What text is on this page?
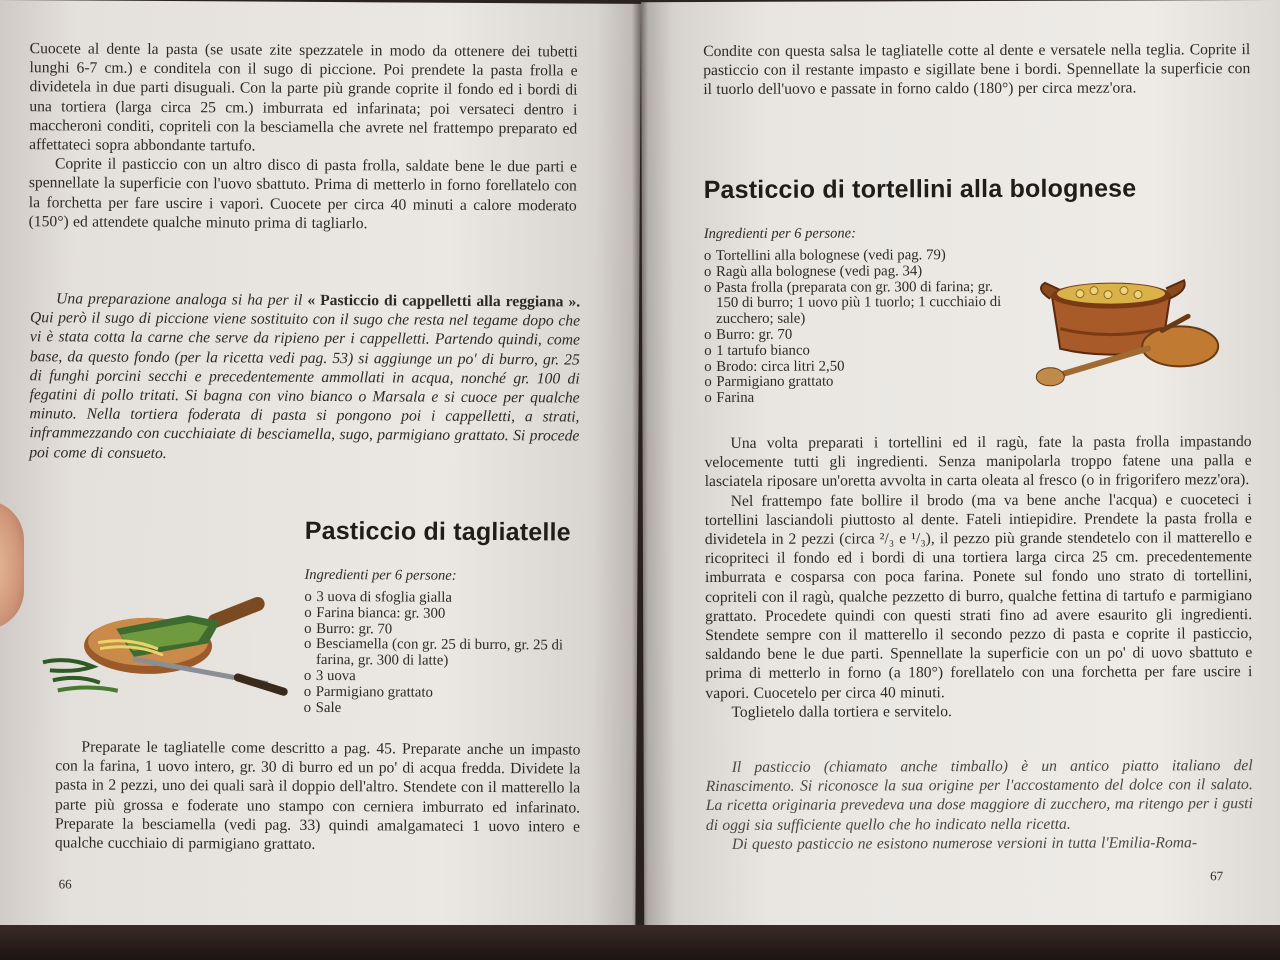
Cuocete al dente la pasta (se usate zite spezzatele in modo da ottenere dei tubetti lunghi 6-7 cm.) e conditela con il sugo di piccione. Poi prendete la pasta frolla e dividetela in due parti disuguali. Con la parte più grande coprite il fondo ed i bordi di una tortiera (larga circa 25 cm.) imburrata ed infarinata; poi versateci dentro i maccheroni conditi, copriteli con la besciamella che avrete nel frattempo preparato ed affettateci sopra abbondante tartufo.

Coprite il pasticcio con un altro disco di pasta frolla, saldate bene le due parti e spennellate la superficie con l'uovo sbattuto. Prima di metterlo in forno forellatelo con la forchetta per fare uscire i vapori. Cuocete per circa 40 minuti a calore moderato (150°) ed attendete qualche minuto prima di tagliarlo.

Una preparazione analoga si ha per il « Pasticcio di cappelletti alla reggiana ». Qui però il sugo di piccione viene sostituito con il sugo che resta nel tegame dopo che vi è stata cotta la carne che serve da ripieno per i cappelletti. Partendo quindi, come base, da questo fondo (per la ricetta vedi pag. 53) si aggiunge un po' di burro, gr. 25 di funghi porcini secchi e precedentemente ammollati in acqua, nonché gr. 100 di fegatini di pollo tritati. Si bagna con vino bianco o Marsala e si cuoce per qualche minuto. Nella tortiera foderata di pasta si pongono poi i cappelletti, a strati, inframmezzando con cucchiaiate di besciamella, sugo, parmigiano grattato. Si procede poi come di consueto.

Pasticcio di tagliatelle

Ingredienti per 6 persone:

o 3 uova di sfoglia gialla
o Farina bianca: gr. 300
o Burro: gr. 70
o Besciamella (con gr. 25 di burro, gr. 25 di farina, gr. 300 di latte)
o 3 uova
o Parmigiano grattato
o Sale

Preparate le tagliatelle come descritto a pag. 45. Preparate anche un impasto con la farina, 1 uovo intero, gr. 30 di burro ed un po' di acqua fredda. Dividete la pasta in 2 pezzi, uno dei quali sarà il doppio dell'altro. Stendete con il matterello la parte più grossa e foderate uno stampo con cerniera imburrato ed infarinato. Preparate la besciamella (vedi pag. 33) quindi amalgamateci 1 uovo intero e qualche cucchiaio di parmigiano grattato.

66

Condite con questa salsa le tagliatelle cotte al dente e versatele nella teglia. Coprite il pasticcio con il restante impasto e sigillate bene i bordi. Spennellate la superficie con il tuorlo dell'uovo e passate in forno caldo (180°) per circa mezz'ora.

Pasticcio di tortellini alla bolognese

Ingredienti per 6 persone:

o Tortellini alla bolognese (vedi pag. 79)
o Ragù alla bolognese (vedi pag. 34)
o Pasta frolla (preparata con gr. 300 di farina; gr. 150 di burro; 1 uovo più 1 tuorlo; 1 cucchiaio di zucchero; sale)
o Burro: gr. 70
o 1 tartufo bianco
o Brodo: circa litri 2,50
o Parmigiano grattato
o Farina

Una volta preparati i tortellini ed il ragù, fate la pasta frolla impastando velocemente tutti gli ingredienti. Senza manipolarla troppo fatene una palla e lasciatela riposare un'oretta avvolta in carta oleata al fresco (o in frigorifero mezz'ora).

Nel frattempo fate bollire il brodo (ma va bene anche l'acqua) e cuoceteci i tortellini lasciandoli piuttosto al dente. Fateli intiepidire. Prendete la pasta frolla e dividetela in 2 pezzi (circa ²/₃ e ¹/₃), il pezzo più grande stendetelo con il matterello e ricopriteci il fondo ed i bordi di una tortiera larga circa 25 cm. precedentemente imburrata e cosparsa con poca farina. Ponete sul fondo uno strato di tortellini, copriteli con il ragù, qualche pezzetto di burro, qualche fettina di tartufo e parmigiano grattato. Procedete quindi con questi strati fino ad avere esaurito gli ingredienti. Stendete sempre con il matterello il secondo pezzo di pasta e coprite il pasticcio, saldando bene le due parti. Spennellate la superficie con un po' di uovo sbattuto e prima di metterlo in forno (a 180°) forellatelo con una forchetta per fare uscire i vapori. Cuocetelo per circa 40 minuti.

Toglietelo dalla tortiera e servitelo.

Il pasticcio (chiamato anche timballo) è un antico piatto italiano del Rinascimento. Si riconosce la sua origine per l'accostamento del dolce con il salato. La ricetta originaria prevedeva una dose maggiore di zucchero, ma ritengo per i gusti di oggi sia sufficiente quello che ho indicato nella ricetta.

Di questo pasticcio ne esistono numerose versioni in tutta l'Emilia-Roma-

67
